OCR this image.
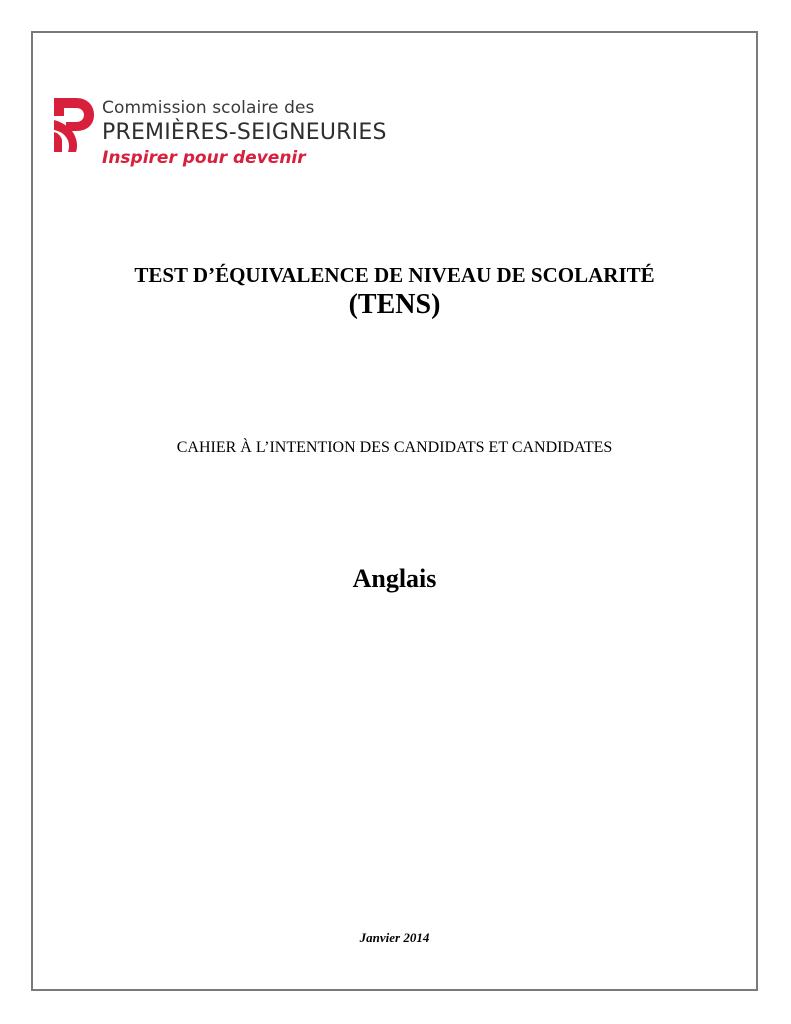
Commission scolaire des
PREMIÈRES-SEIGNEURIES
Inspirer pour devenir
TEST D’ÉQUIVALENCE DE NIVEAU DE SCOLARITÉ
(TENS)
CAHIER À L’INTENTION DES CANDIDATS ET CANDIDATES
Anglais
Janvier 2014
